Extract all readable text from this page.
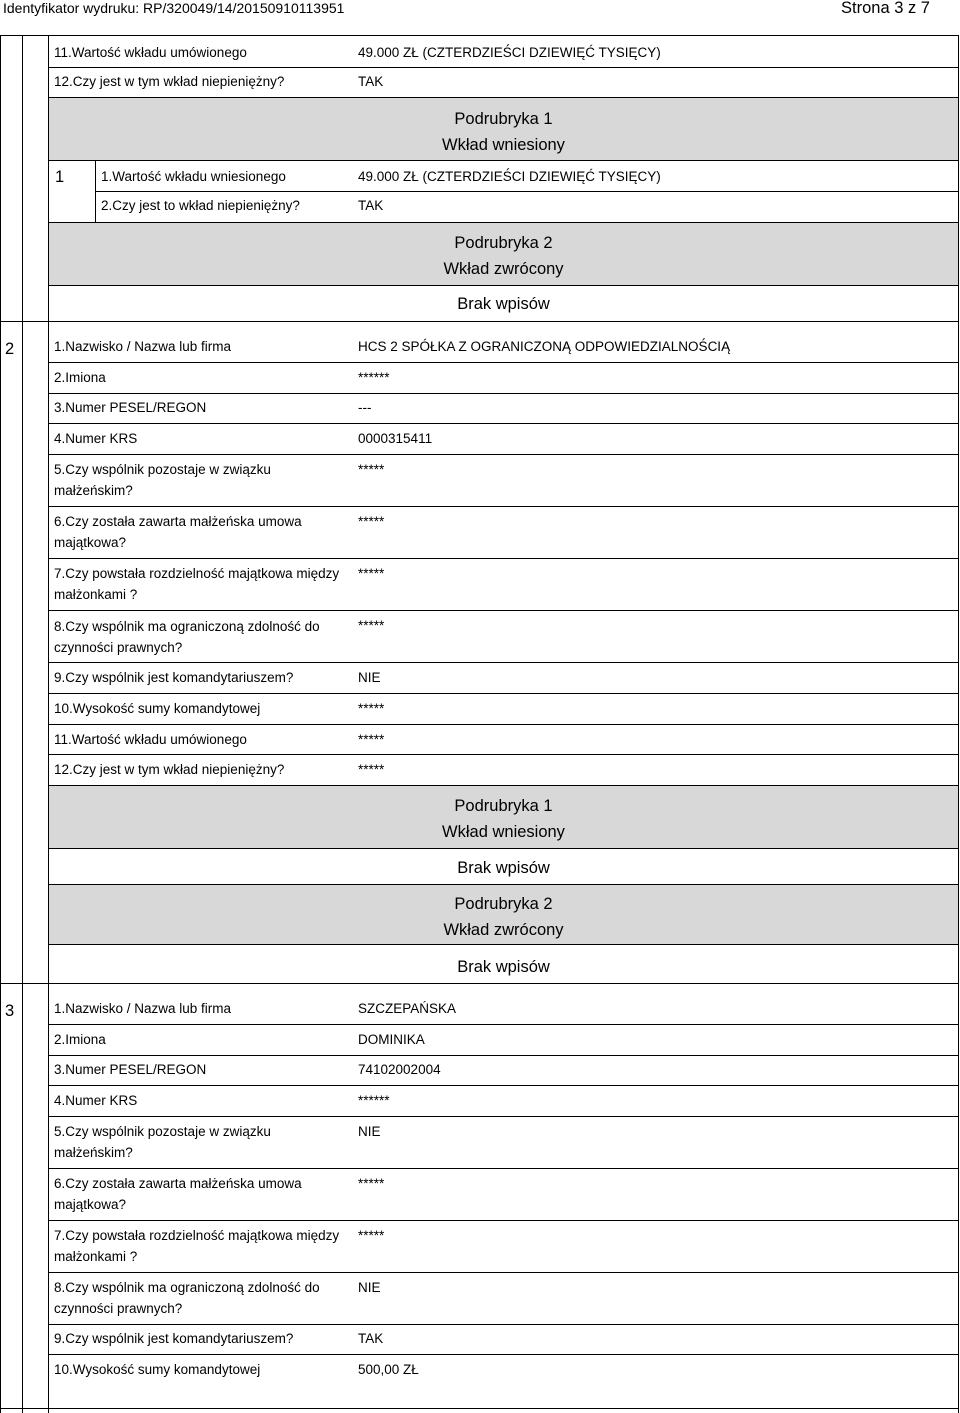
Identyfikator wydruku: RP/320049/14/20150910113951	Strona 3 z 7
11.Wartość wkładu umówionego	49.000 ZŁ (CZTERDZIEŚCI DZIEWIĘĆ TYSIĘCY)
12.Czy jest w tym wkład niepieniężny?	TAK
Podrubryka 1
Wkład wniesiony
1	1.Wartość wkładu wniesionego	49.000 ZŁ (CZTERDZIEŚCI DZIEWIĘĆ TYSIĘCY)
2.Czy jest to wkład niepieniężny?	TAK
Podrubryka 2
Wkład zwrócony
Brak wpisów
2	1.Nazwisko / Nazwa lub firma	HCS 2 SPÓŁKA Z OGRANICZONĄ ODPOWIEDZIALNOŚCIĄ
2.Imiona	******
3.Numer PESEL/REGON	---
4.Numer KRS	0000315411
5.Czy wspólnik pozostaje w związku małżeńskim?
*****
6.Czy została zawarta małżeńska umowa majątkowa?
*****
7.Czy powstała rozdzielność majątkowa między małżonkami ?
*****
8.Czy wspólnik ma ograniczoną zdolność do czynności prawnych?
*****
9.Czy wspólnik jest komandytariuszem?	NIE
10.Wysokość sumy komandytowej	*****
11.Wartość wkładu umówionego	*****
12.Czy jest w tym wkład niepieniężny?	*****
Podrubryka 1
Wkład wniesiony
Brak wpisów
Podrubryka 2
Wkład zwrócony
Brak wpisów
3	1.Nazwisko / Nazwa lub firma	SZCZEPAŃSKA
2.Imiona	DOMINIKA
3.Numer PESEL/REGON	74102002004
4.Numer KRS	******
5.Czy wspólnik pozostaje w związku małżeńskim?
NIE
6.Czy została zawarta małżeńska umowa majątkowa?
*****
7.Czy powstała rozdzielność majątkowa między małżonkami ?
*****
8.Czy wspólnik ma ograniczoną zdolność do czynności prawnych?
NIE
9.Czy wspólnik jest komandytariuszem?	TAK
10.Wysokość sumy komandytowej	500,00 ZŁ
